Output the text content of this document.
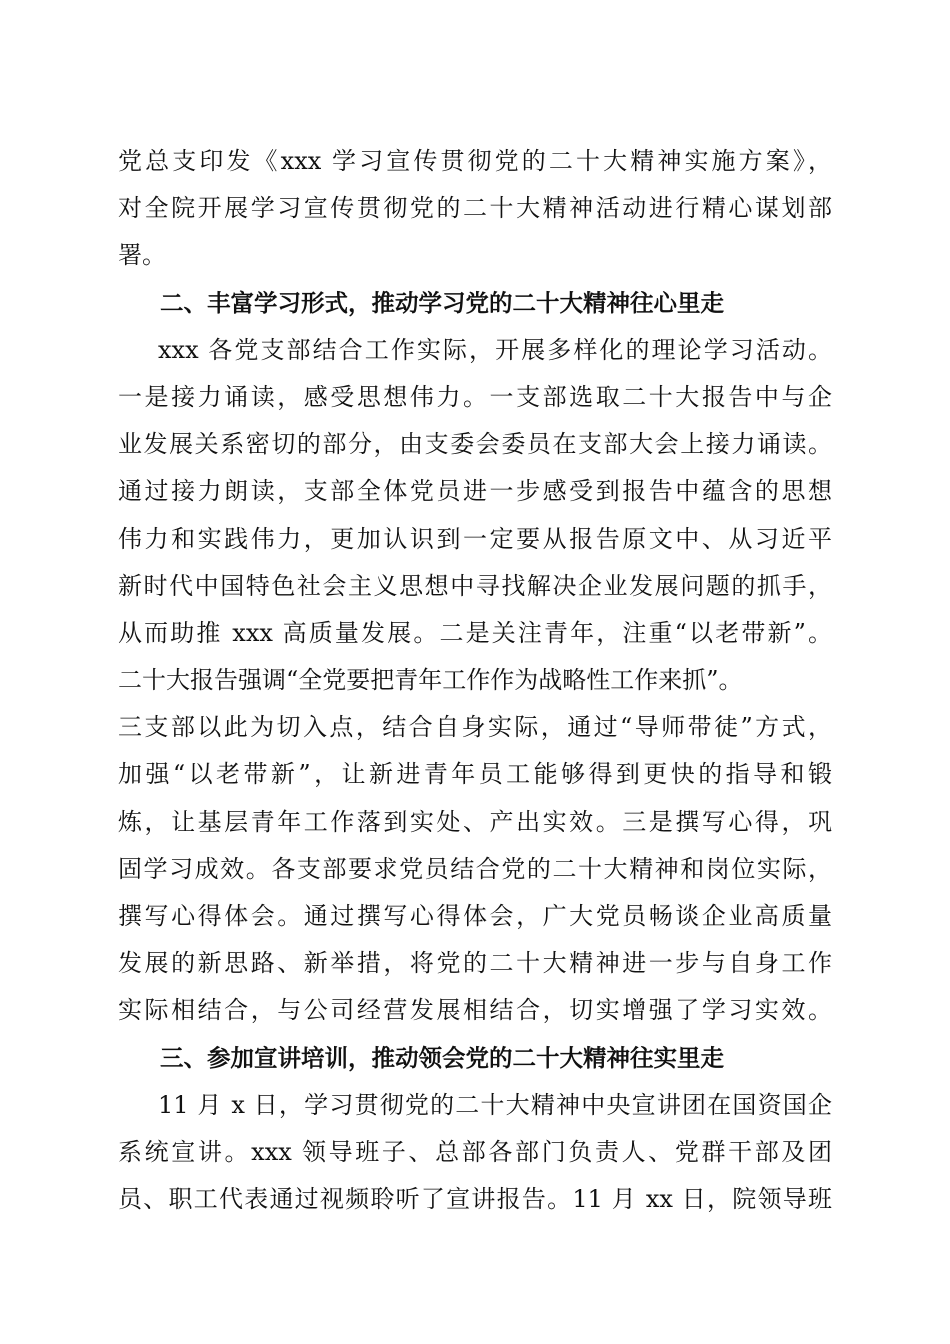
党总支印发《xxx 学习宣传贯彻党的二十大精神实施方案》，
对全院开展学习宣传贯彻党的二十大精神活动进行精心谋划部
署。
二、丰富学习形式，推动学习党的二十大精神往心里走
xxx 各党支部结合工作实际，开展多样化的理论学习活动。
一是接力诵读，感受思想伟力。一支部选取二十大报告中与企
业发展关系密切的部分，由支委会委员在支部大会上接力诵读。
通过接力朗读，支部全体党员进一步感受到报告中蕴含的思想
伟力和实践伟力，更加认识到一定要从报告原文中、从习近平
新时代中国特色社会主义思想中寻找解决企业发展问题的抓手，
从而助推 xxx 高质量发展。二是关注青年，注重“以老带新”。
二十大报告强调“全党要把青年工作作为战略性工作来抓”。
三支部以此为切入点，结合自身实际，通过“导师带徒”方式，
加强“以老带新”，让新进青年员工能够得到更快的指导和锻
炼，让基层青年工作落到实处、产出实效。三是撰写心得，巩
固学习成效。各支部要求党员结合党的二十大精神和岗位实际，
撰写心得体会。通过撰写心得体会，广大党员畅谈企业高质量
发展的新思路、新举措，将党的二十大精神进一步与自身工作
实际相结合，与公司经营发展相结合，切实增强了学习实效。
三、参加宣讲培训，推动领会党的二十大精神往实里走
11 月 x 日，学习贯彻党的二十大精神中央宣讲团在国资国企
系统宣讲。xxx 领导班子、总部各部门负责人、党群干部及团
员、职工代表通过视频聆听了宣讲报告。11 月 xx 日，院领导班
